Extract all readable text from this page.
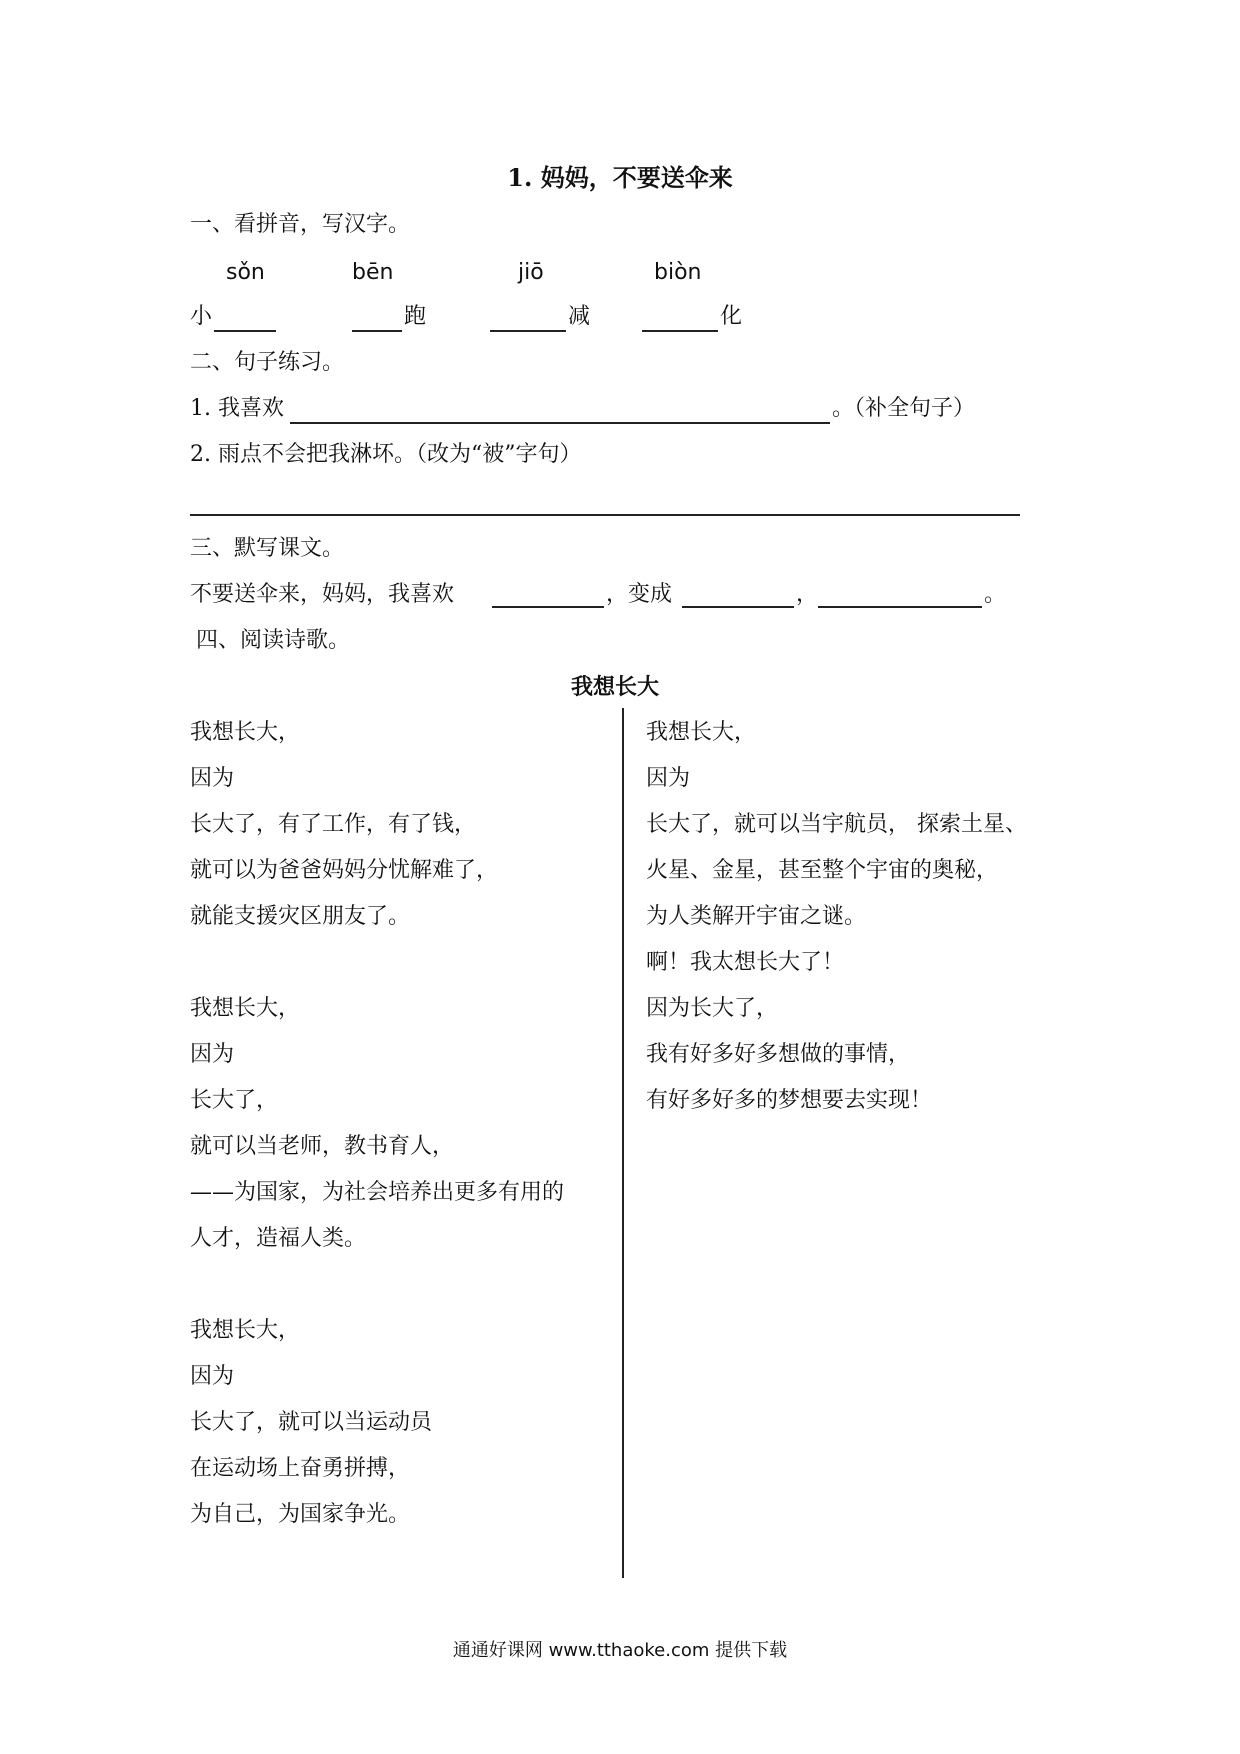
1. 妈妈，不要送伞来
一、看拼音，写汉字。
sǒn	bēn	jiō	biòn
小	跑	减	化
二、句子练习。
1. 我喜欢	。（补全句子）
2. 雨点不会把我淋坏。（改为“被”字句）
三、默写课文。
不要送伞来，妈妈，我喜欢	，变成	，	。
四、阅读诗歌。
我想长大
我想长大，
因为
长大了，有了工作，有了钱，
就可以为爸爸妈妈分忧解难了，
就能支援灾区朋友了。
我想长大，
因为
长大了，
就可以当老师，教书育人，
——为国家，为社会培养出更多有用的
人才，造福人类。
我想长大，
因为
长大了，就可以当运动员
在运动场上奋勇拼搏，
为自己，为国家争光。
我想长大，
因为
长大了，就可以当宇航员， 探索土星、
火星、金星，甚至整个宇宙的奥秘，
为人类解开宇宙之谜。
啊！我太想长大了！
因为长大了，
我有好多好多想做的事情，
有好多好多的梦想要去实现！
通通好课网 www.tthaoke.com 提供下载
